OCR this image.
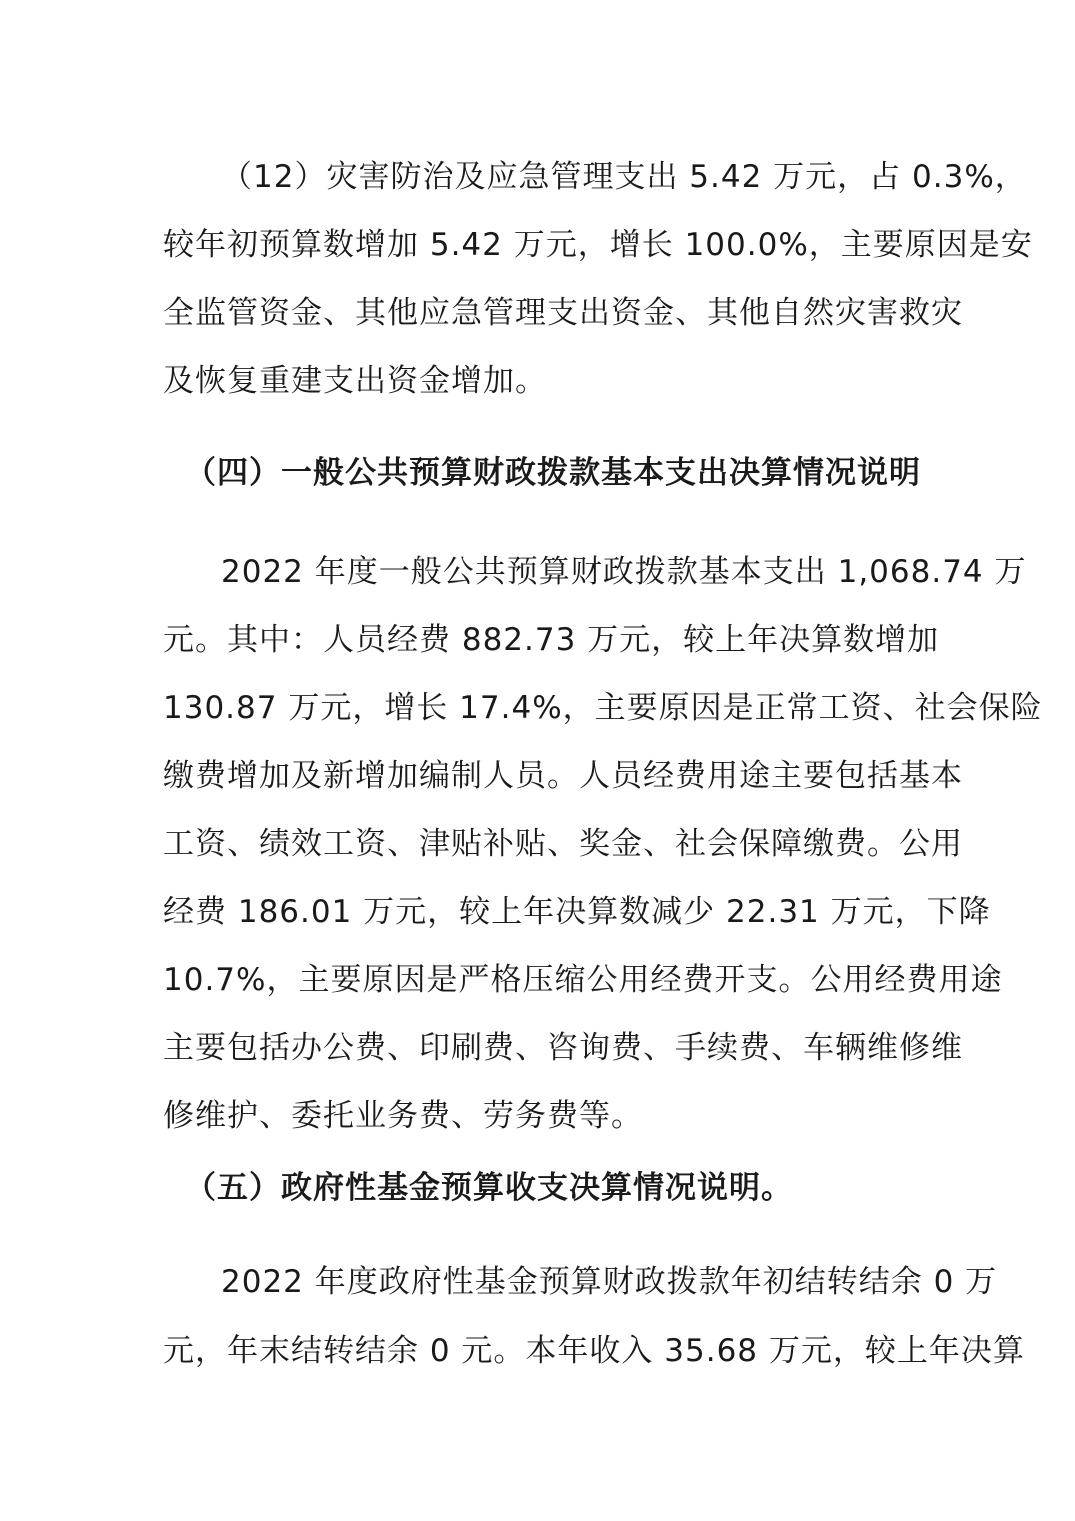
（12）灾害防治及应急管理支出 5.42 万元，占 0.3%，
较年初预算数增加 5.42 万元，增长 100.0%，主要原因是安
全监管资金、其他应急管理支出资金、其他自然灾害救灾
及恢复重建支出资金增加。
（四）一般公共预算财政拨款基本支出决算情况说明
2022 年度一般公共预算财政拨款基本支出 1,068.74 万
元。其中：人员经费 882.73 万元，较上年决算数增加
130.87 万元，增长 17.4%，主要原因是正常工资、社会保险
缴费增加及新增加编制人员。人员经费用途主要包括基本
工资、绩效工资、津贴补贴、奖金、社会保障缴费。公用
经费 186.01 万元，较上年决算数减少 22.31 万元，下降
10.7%，主要原因是严格压缩公用经费开支。公用经费用途
主要包括办公费、印刷费、咨询费、手续费、车辆维修维
修维护、委托业务费、劳务费等。
（五）政府性基金预算收支决算情况说明。
2022 年度政府性基金预算财政拨款年初结转结余 0 万
元，年末结转结余 0 元。本年收入 35.68 万元，较上年决算
